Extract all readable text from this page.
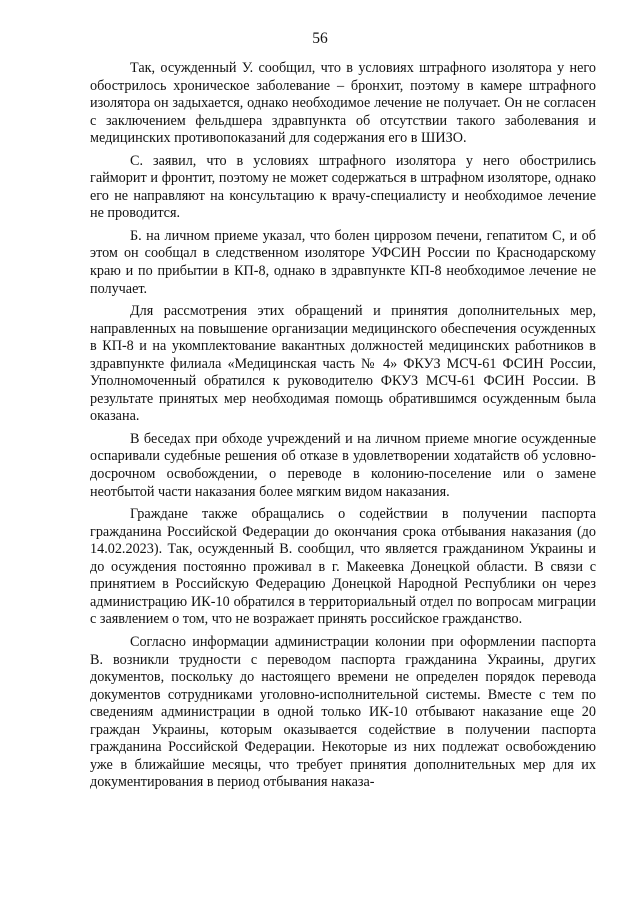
56

Так, осужденный У. сообщил, что в условиях штрафного изолятора у него обострилось хроническое заболевание – бронхит, поэтому в камере штрафного изолятора он задыхается, однако необходимое лечение не получает. Он не согласен с заключением фельдшера здравпункта об отсутствии такого заболевания и медицинских противопоказаний для содержания его в ШИЗО.

С. заявил, что в условиях штрафного изолятора у него обострились гайморит и фронтит, поэтому не может содержаться в штрафном изоляторе, однако его не направляют на консультацию к врачу-специалисту и необходимое лечение не проводится.

Б. на личном приеме указал, что болен циррозом печени, гепатитом С, и об этом он сообщал в следственном изоляторе УФСИН России по Краснодарскому краю и по прибытии в КП-8, однако в здравпункте КП-8 необходимое лечение не получает.

Для рассмотрения этих обращений и принятия дополнительных мер, направленных на повышение организации медицинского обеспечения осужденных в КП-8 и на укомплектование вакантных должностей медицинских работников в здравпункте филиала «Медицинская часть № 4» ФКУЗ МСЧ-61 ФСИН России, Уполномоченный обратился к руководителю ФКУЗ МСЧ-61 ФСИН России. В результате принятых мер необходимая помощь обратившимся осужденным была оказана.

В беседах при обходе учреждений и на личном приеме многие осужденные оспаривали судебные решения об отказе в удовлетворении ходатайств об условно-досрочном освобождении, о переводе в колонию-поселение или о замене неотбытой части наказания более мягким видом наказания.

Граждане также обращались о содействии в получении паспорта гражданина Российской Федерации до окончания срока отбывания наказания (до 14.02.2023). Так, осужденный В. сообщил, что является гражданином Украины и до осуждения постоянно проживал в г. Макеевка Донецкой области. В связи с принятием в Российскую Федерацию Донецкой Народной Республики он через администрацию ИК-10 обратился в территориальный отдел по вопросам миграции с заявлением о том, что не возражает принять российское гражданство.

Согласно информации администрации колонии при оформлении паспорта В. возникли трудности с переводом паспорта гражданина Украины, других документов, поскольку до настоящего времени не определен порядок перевода документов сотрудниками уголовно-исполнительной системы. Вместе с тем по сведениям администрации в одной только ИК-10 отбывают наказание еще 20 граждан Украины, которым оказывается содействие в получении паспорта гражданина Российской Федерации. Некоторые из них подлежат освобождению уже в ближайшие месяцы, что требует принятия дополнительных мер для их документирования в период отбывания наказа-
